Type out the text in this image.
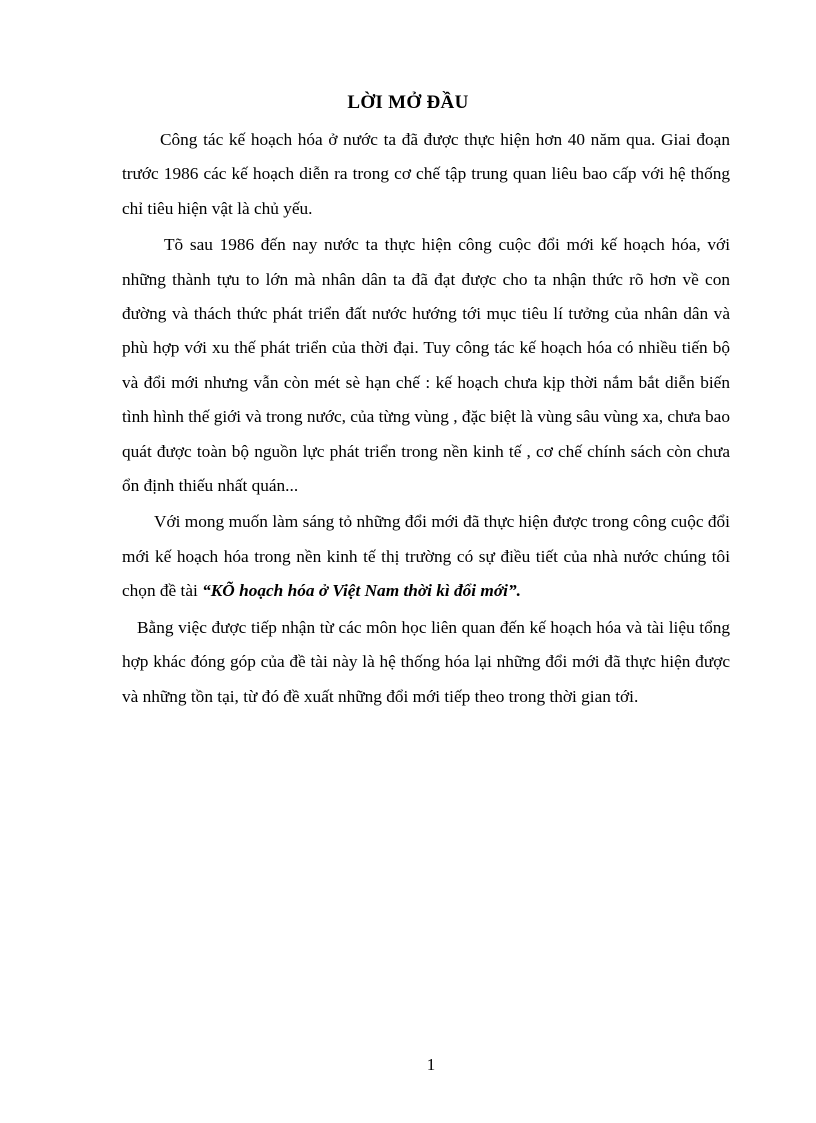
LỜI MỞ ĐẦU

Công tác kế hoạch hóa ở nước ta đã được thực hiện hơn 40 năm qua. Giai đoạn trước 1986 các kế hoạch diễn ra trong cơ chế tập trung quan liêu bao cấp với hệ thống chỉ tiêu hiện vật là chủ yếu.

Tõ sau 1986 đến nay nước ta thực hiện công cuộc đổi mới kế hoạch hóa, với những thành tựu to lớn mà nhân dân ta đã đạt được cho ta nhận thức rõ hơn về con đường và thách thức phát triển đất nước hướng tới mục tiêu lí tưởng của nhân dân và phù hợp với xu thế phát triển của thời đại. Tuy công tác kế hoạch hóa có nhiều tiến bộ và đổi mới nhưng vẫn còn mét sè hạn chế : kế hoạch chưa kịp thời nắm bắt diễn biến tình hình thế giới và trong nước, của từng vùng , đặc biệt là vùng sâu vùng xa, chưa bao quát được toàn bộ nguồn lực phát triển trong nền kinh tế , cơ chế chính sách còn chưa ổn định thiếu nhất quán...

Với mong muốn làm sáng tỏ những đổi mới đã thực hiện được trong công cuộc đổi mới kế hoạch hóa trong nền kinh tế thị trường có sự điều tiết của nhà nước chúng tôi chọn đề tài “KÕ hoạch hóa ở Việt Nam thời kì đổi mới”.

Bằng việc được tiếp nhận từ các môn học liên quan đến kế hoạch hóa và tài liệu tổng hợp khác đóng góp của đề tài này là hệ thống hóa lại những đổi mới đã thực hiện được và những tồn tại, từ đó đề xuất những đổi mới tiếp theo trong thời gian tới.

1
